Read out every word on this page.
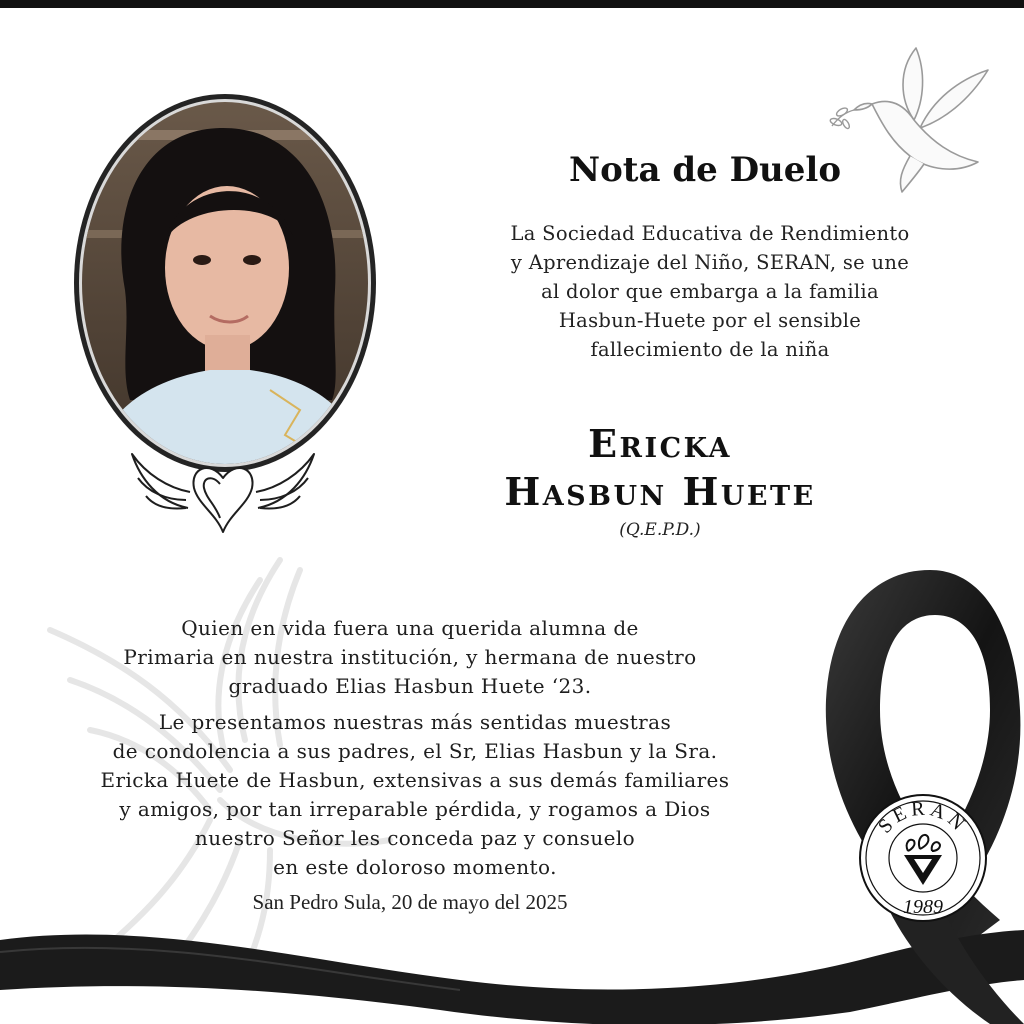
Nota de Duelo
La Sociedad Educativa de Rendimiento
y Aprendizaje del Niño, SERAN, se une
al dolor que embarga a la familia
Hasbun-Huete por el sensible
fallecimiento de la niña
Ericka
Hasbun Huete
(Q.E.P.D.)
Quien en vida fuera una querida alumna de
Primaria en nuestra institución, y hermana de nuestro
graduado Elias Hasbun Huete ‘23.
Le presentamos nuestras más sentidas muestras
de condolencia a sus padres, el Sr, Elias Hasbun y la Sra.
Ericka Huete de Hasbun, extensivas a sus demás familiares
y amigos, por tan irreparable pérdida, y rogamos a Dios
nuestro Señor les conceda paz y consuelo
en este doloroso momento.
San Pedro Sula, 20 de mayo del 2025
SERAN
1989
